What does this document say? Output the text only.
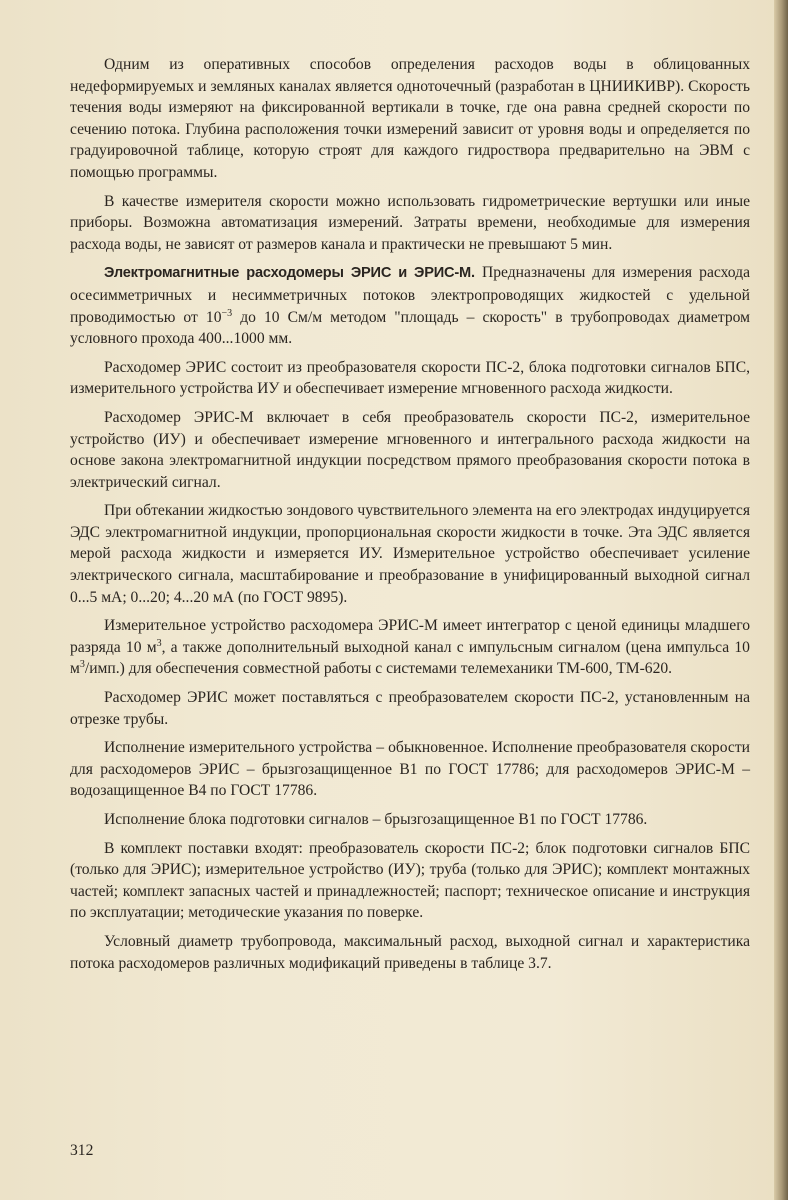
Одним из оперативных способов определения расходов воды в облицованных недеформируемых и земляных каналах является одноточечный (разработан в ЦНИИКИВР). Скорость течения воды измеряют на фиксированной вертикали в точке, где она равна средней скорости по сечению потока. Глубина расположения точки измерений зависит от уровня воды и определяется по градуировочной таблице, которую строят для каждого гидроствора предварительно на ЭВМ с помощью программы.

В качестве измерителя скорости можно использовать гидрометрические вертушки или иные приборы. Возможна автоматизация измерений. Затраты времени, необходимые для измерения расхода воды, не зависят от размеров канала и практически не превышают 5 мин.

Электромагнитные расходомеры ЭРИС и ЭРИС-М. Предназначены для измерения расхода осесимметричных и несимметричных потоков электропроводящих жидкостей с удельной проводимостью от $10^{-3}$ до 10 См/м методом "площадь – скорость" в трубопроводах диаметром условного прохода 400...1000 мм.

Расходомер ЭРИС состоит из преобразователя скорости ПС-2, блока подготовки сигналов БПС, измерительного устройства ИУ и обеспечивает измерение мгновенного расхода жидкости.

Расходомер ЭРИС-М включает в себя преобразователь скорости ПС-2, измерительное устройство (ИУ) и обеспечивает измерение мгновенного и интегрального расхода жидкости на основе закона электромагнитной индукции посредством прямого преобразования скорости потока в электрический сигнал.

При обтекании жидкостью зондового чувствительного элемента на его электродах индуцируется ЭДС электромагнитной индукции, пропорциональная скорости жидкости в точке. Эта ЭДС является мерой расхода жидкости и измеряется ИУ. Измерительное устройство обеспечивает усиление электрического сигнала, масштабирование и преобразование в унифицированный выходной сигнал 0...5 мА; 0...20; 4...20 мА (по ГОСТ 9895).

Измерительное устройство расходомера ЭРИС-М имеет интегратор с ценой единицы младшего разряда 10 $м^3$, а также дополнительный выходной канал с импульсным сигналом (цена импульса 10 $м^3/имп$.) для обеспечения совместной работы с системами телемеханики ТМ-600, ТМ-620.

Расходомер ЭРИС может поставляться с преобразователем скорости ПС-2, установленным на отрезке трубы.

Исполнение измерительного устройства – обыкновенное. Исполнение преобразователя скорости для расходомеров ЭРИС – брызгозащищенное В1 по ГОСТ 17786; для расходомеров ЭРИС-М – водозащищенное В4 по ГОСТ 17786.

Исполнение блока подготовки сигналов – брызгозащищенное В1 по ГОСТ 17786.

В комплект поставки входят: преобразователь скорости ПС-2; блок подготовки сигналов БПС (только для ЭРИС); измерительное устройство (ИУ); труба (только для ЭРИС); комплект монтажных частей; комплект запасных частей и принадлежностей; паспорт; техническое описание и инструкция по эксплуатации; методические указания по поверке.

Условный диаметр трубопровода, максимальный расход, выходной сигнал и характеристика потока расходомеров различных модификаций приведены в таблице 3.7.

312
